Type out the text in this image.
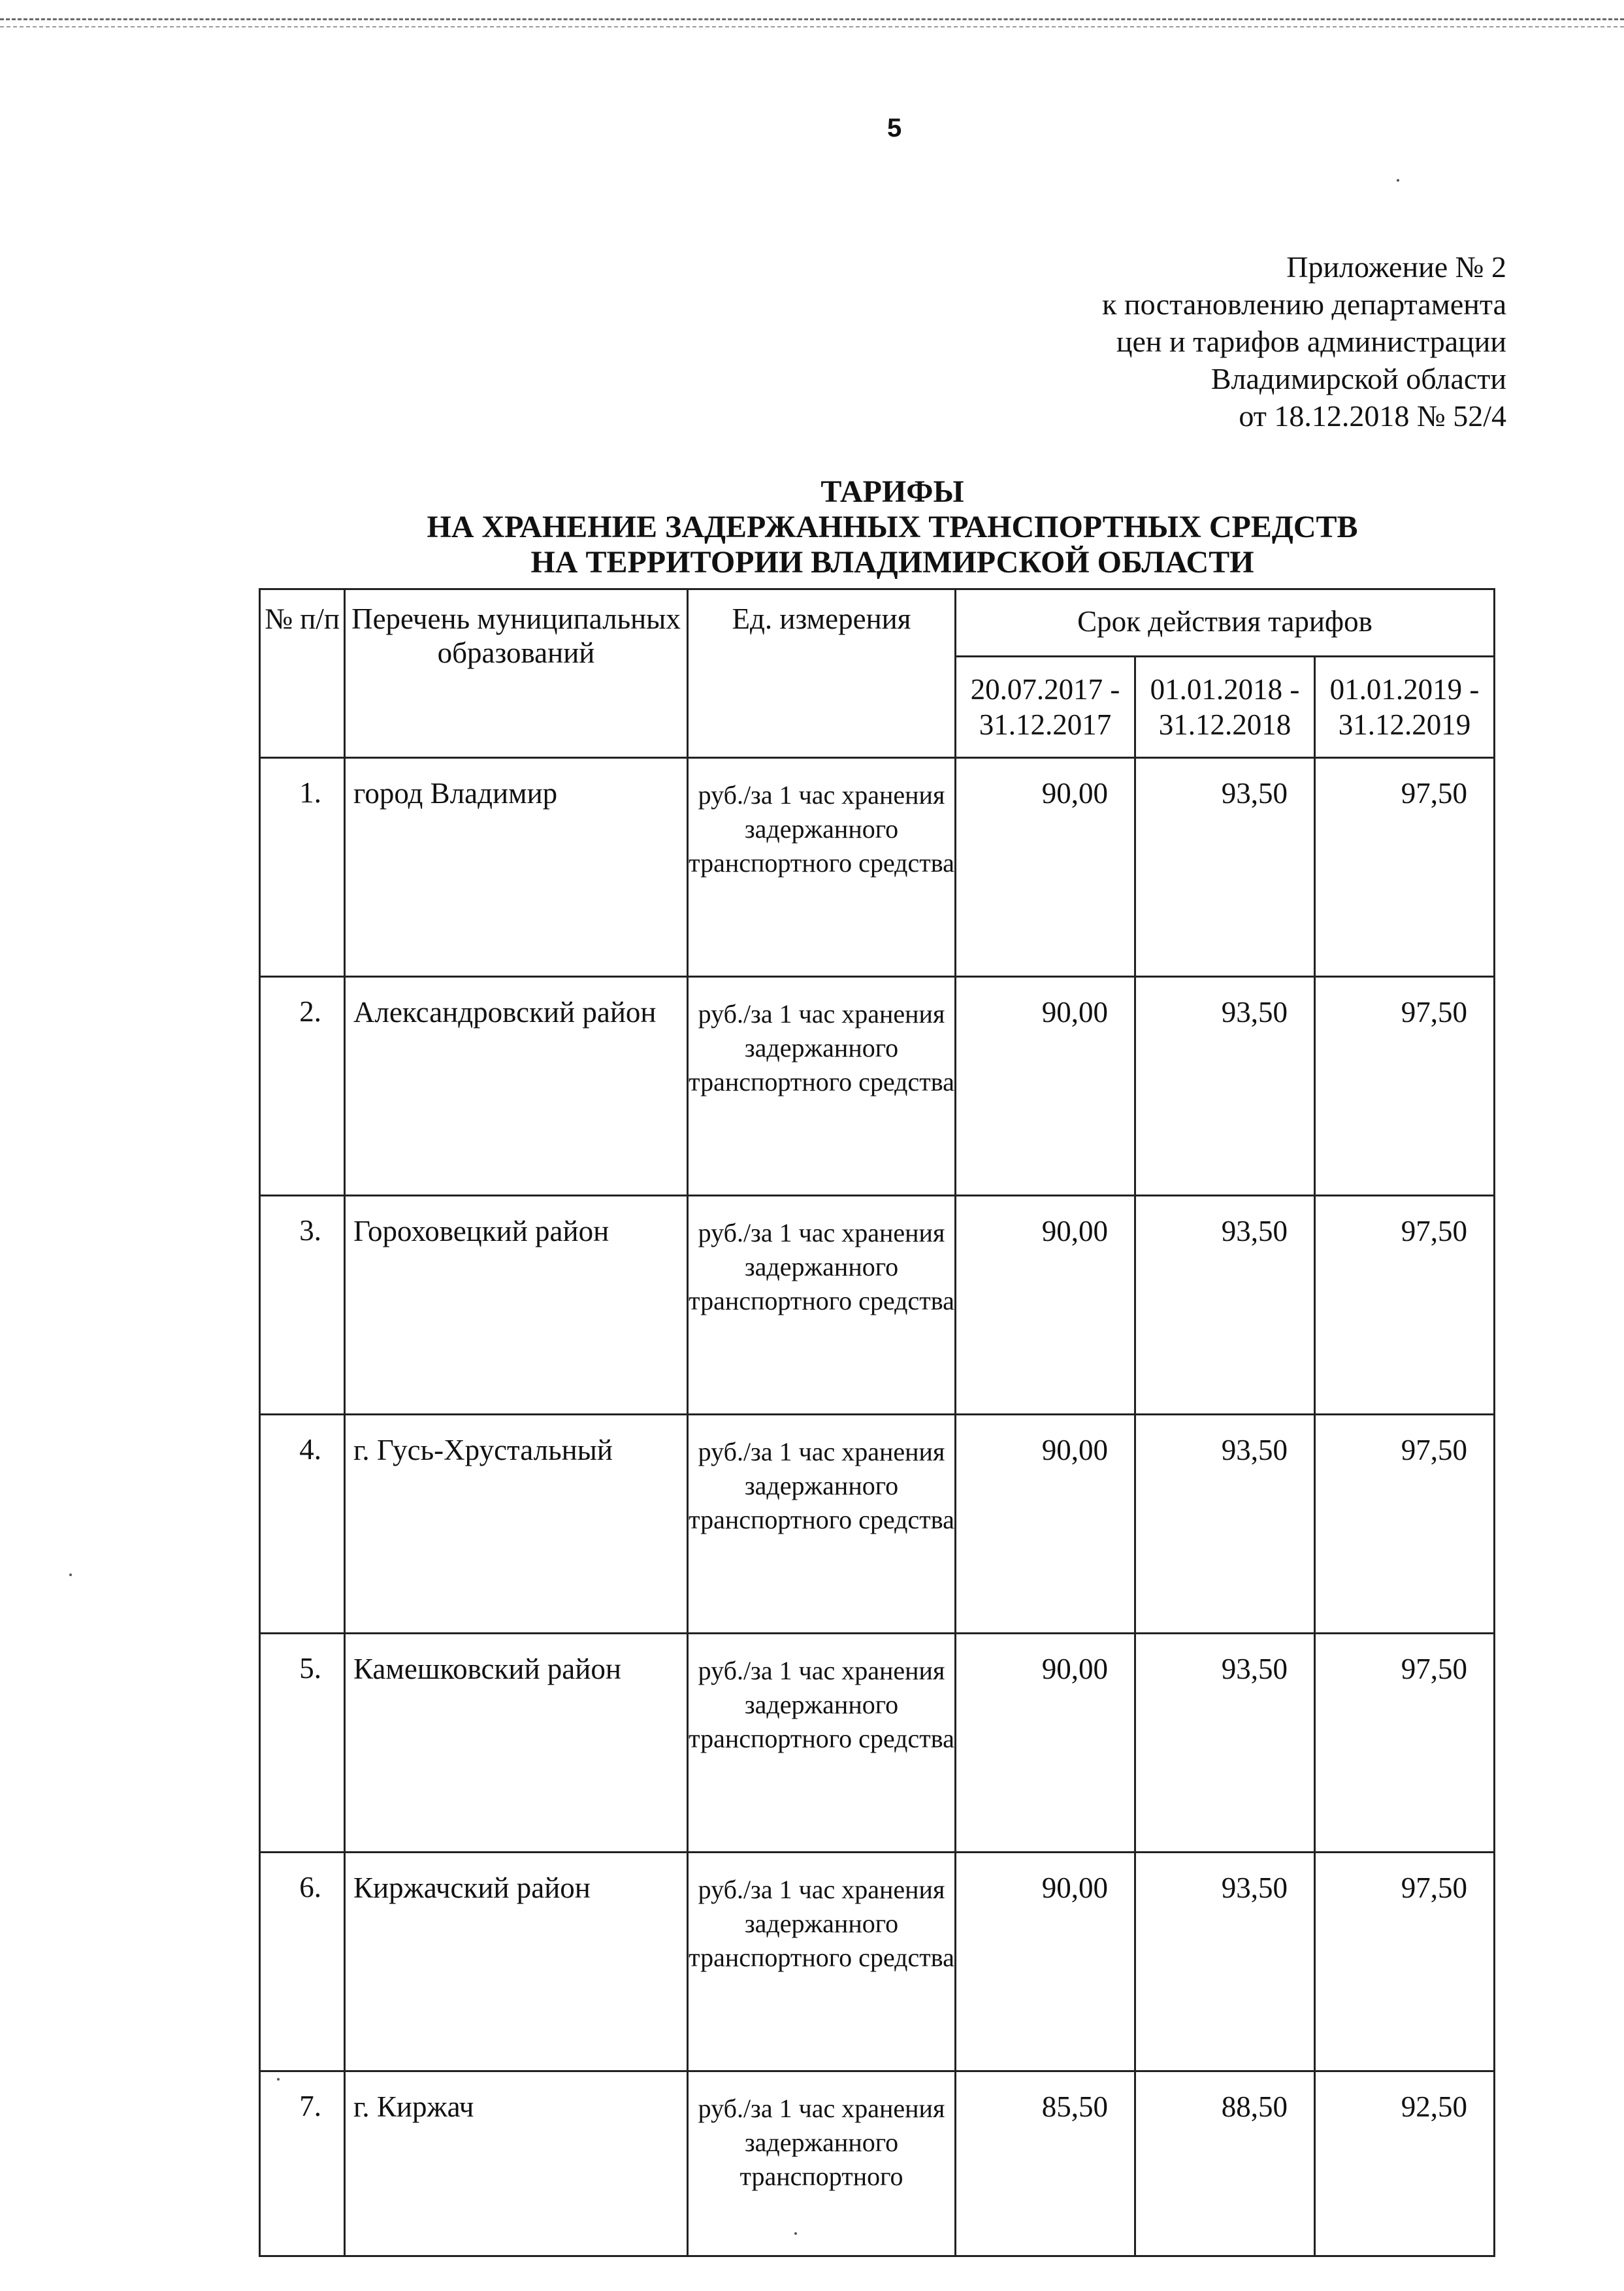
5
Приложение № 2
к постановлению департамента
цен и тарифов администрации
Владимирской области
от 18.12.2018 № 52/4
ТАРИФЫ
НА ХРАНЕНИЕ ЗАДЕРЖАННЫХ ТРАНСПОРТНЫХ СРЕДСТВ
НА ТЕРРИТОРИИ ВЛАДИМИРСКОЙ ОБЛАСТИ
№ п/п	Перечень муниципальных образований	Ед. измерения	Срок действия тарифов		

			20.07.2017 - 31.12.2017	01.01.2018 - 31.12.2018	01.01.2019 - 31.12.2019

1.	город Владимир	руб./за 1 час хранения задержанного транспортного средства	90,00	93,50	97,50
2.	Александровский район	руб./за 1 час хранения задержанного транспортного средства	90,00	93,50	97,50
3.	Гороховецкий район	руб./за 1 час хранения задержанного транспортного средства	90,00	93,50	97,50
4.	г. Гусь-Хрустальный	руб./за 1 час хранения задержанного транспортного средства	90,00	93,50	97,50
5.	Камешковский район	руб./за 1 час хранения задержанного транспортного средства	90,00	93,50	97,50
6.	Киржачский район	руб./за 1 час хранения задержанного транспортного средства	90,00	93,50	97,50
7.	г. Киржач	руб./за 1 час хранения задержанного транспортного	85,50	88,50	92,50
